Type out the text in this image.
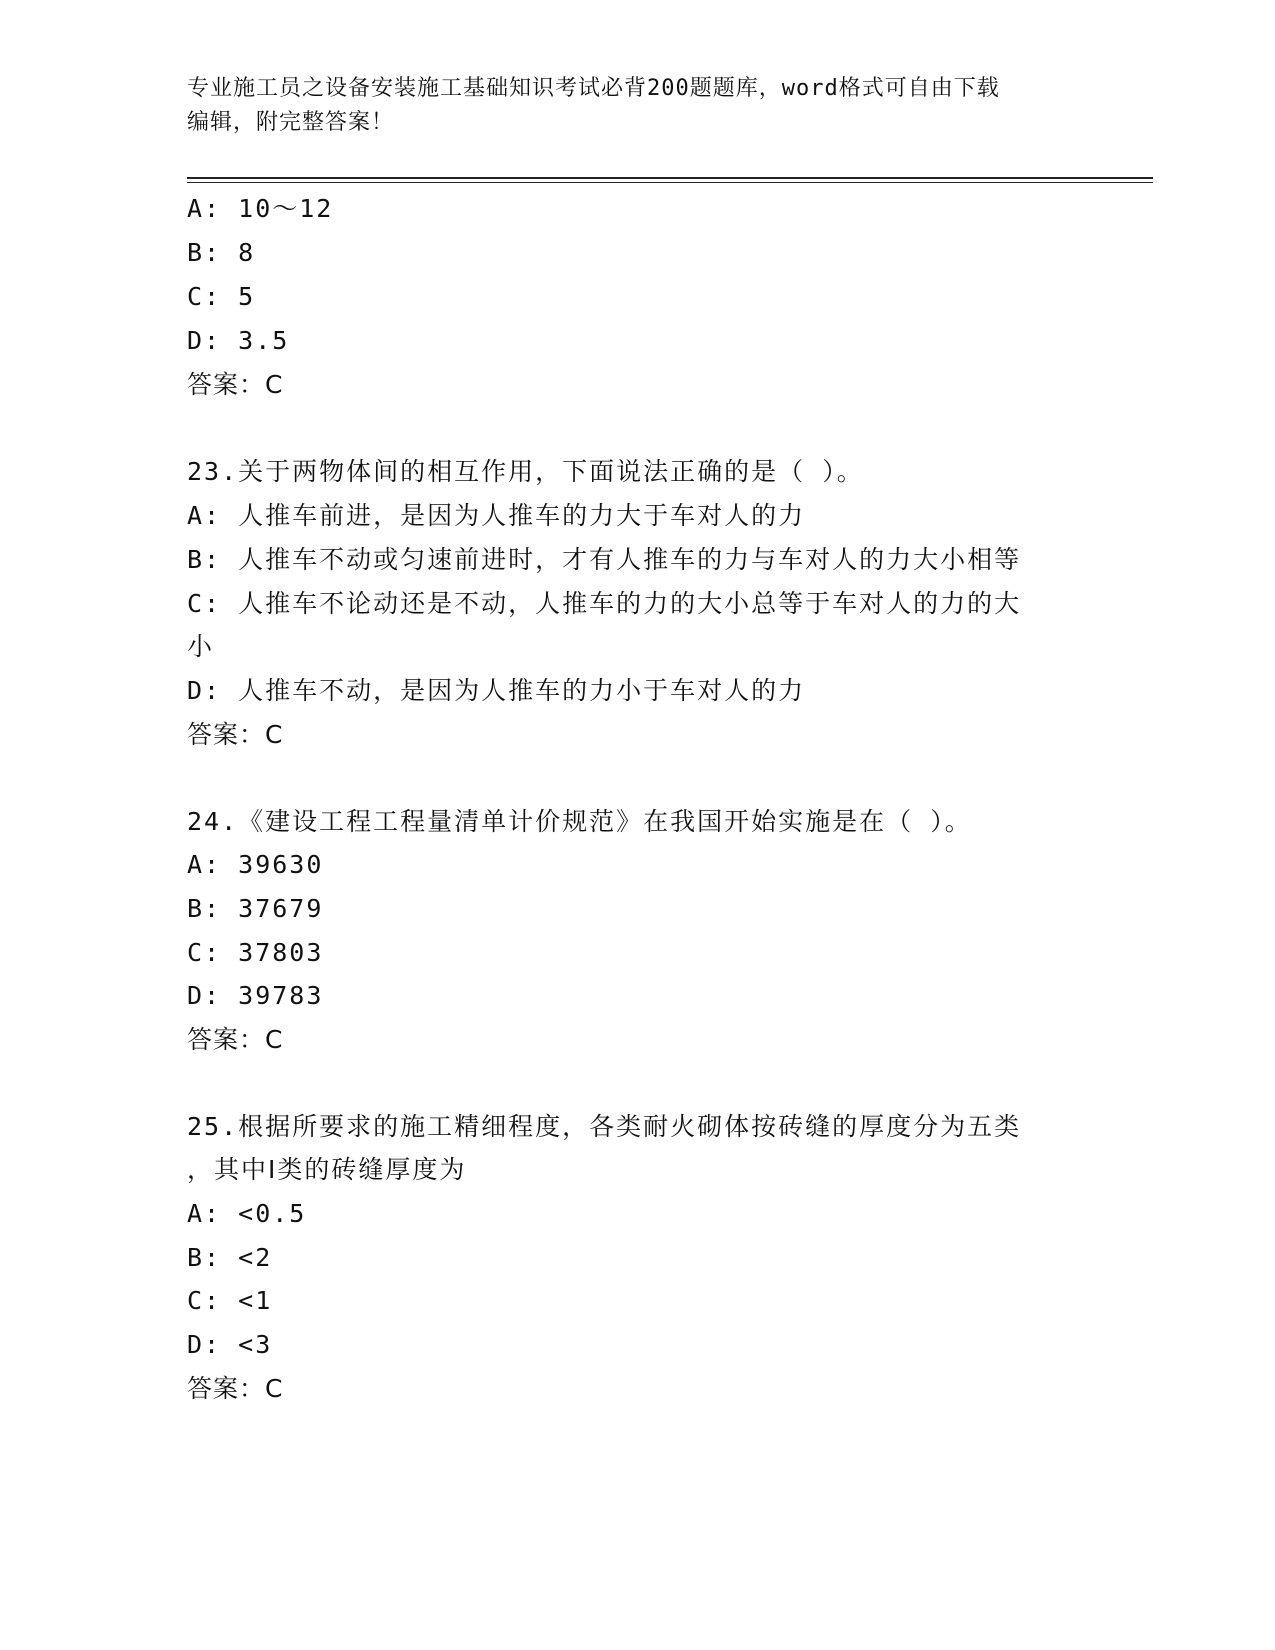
专业施工员之设备安装施工基础知识考试必背200题题库，word格式可自由下载
编辑，附完整答案！
A: 10～12
B: 8
C: 5
D: 3.5
答案：C
23.关于两物体间的相互作用，下面说法正确的是（ ）。
A: 人推车前进，是因为人推车的力大于车对人的力
B: 人推车不动或匀速前进时，才有人推车的力与车对人的力大小相等
C: 人推车不论动还是不动，人推车的力的大小总等于车对人的力的大
小
D: 人推车不动，是因为人推车的力小于车对人的力
答案：C
24.《建设工程工程量清单计价规范》在我国开始实施是在（ ）。
A: 39630
B: 37679
C: 37803
D: 39783
答案：C
25.根据所要求的施工精细程度，各类耐火砌体按砖缝的厚度分为五类
，其中Ⅰ类的砖缝厚度为
A: <0.5
B: <2
C: <1
D: <3
答案：C
